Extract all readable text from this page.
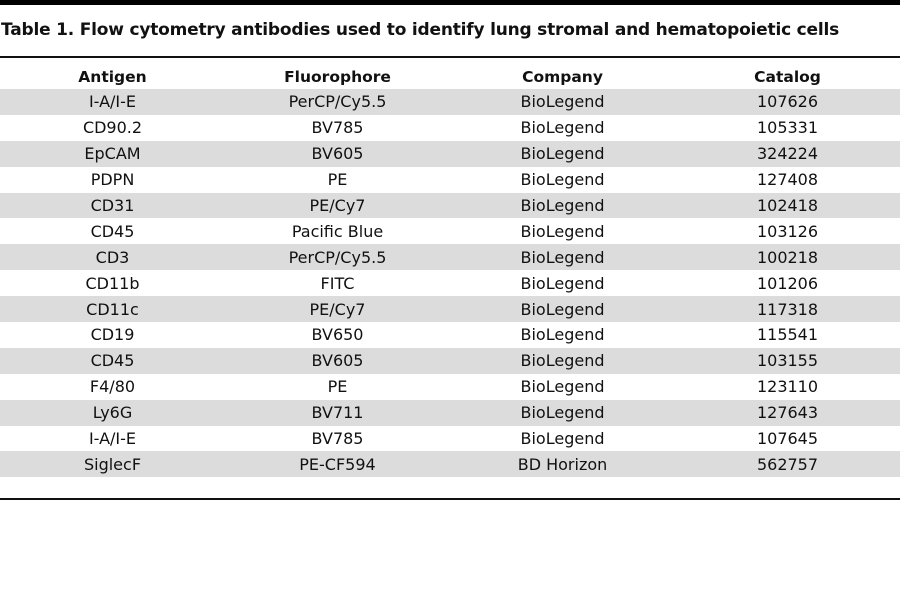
Table 1. Flow cytometry antibodies used to identify lung stromal and hematopoietic cells
Antigen	Fluorophore	Company	Catalog
I-A/I-E	PerCP/Cy5.5	BioLegend	107626
CD90.2	BV785	BioLegend	105331
EpCAM	BV605	BioLegend	324224
PDPN	PE	BioLegend	127408
CD31	PE/Cy7	BioLegend	102418
CD45	Pacific Blue	BioLegend	103126
CD3	PerCP/Cy5.5	BioLegend	100218
CD11b	FITC	BioLegend	101206
CD11c	PE/Cy7	BioLegend	117318
CD19	BV650	BioLegend	115541
CD45	BV605	BioLegend	103155
F4/80	PE	BioLegend	123110
Ly6G	BV711	BioLegend	127643
I-A/I-E	BV785	BioLegend	107645
SiglecF	PE-CF594	BD Horizon	562757
